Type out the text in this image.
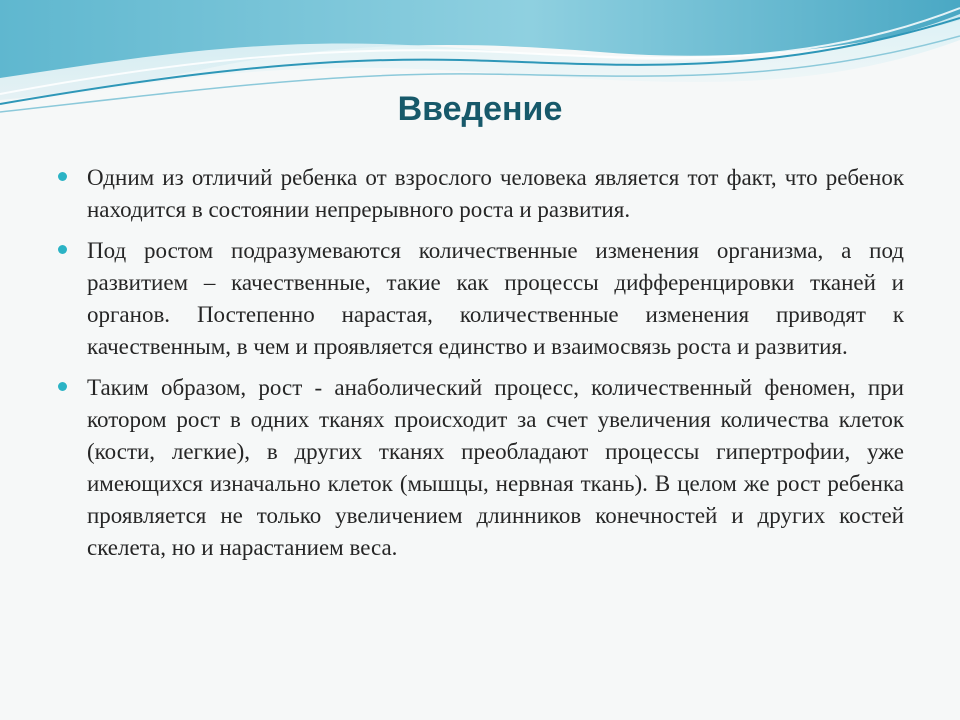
Введение

Одним из отличий ребенка от взрослого человека является тот факт, что ребенок находится в состоянии непрерывного роста и развития.

Под ростом подразумеваются количественные изменения организма, а под развитием – качественные, такие как процессы дифференцировки тканей и органов. Постепенно нарастая, количественные изменения приводят к качественным, в чем и проявляется единство и взаимосвязь роста и развития.

Таким образом, рост - анаболический процесс, количественный феномен, при котором рост в одних тканях происходит за счет увеличения количества клеток (кости, легкие), в других тканях преобладают процессы гипертрофии, уже имеющихся изначально клеток (мышцы, нервная ткань). В целом же рост ребенка проявляется не только увеличением длинников конечностей и других костей скелета, но и нарастанием веса.
